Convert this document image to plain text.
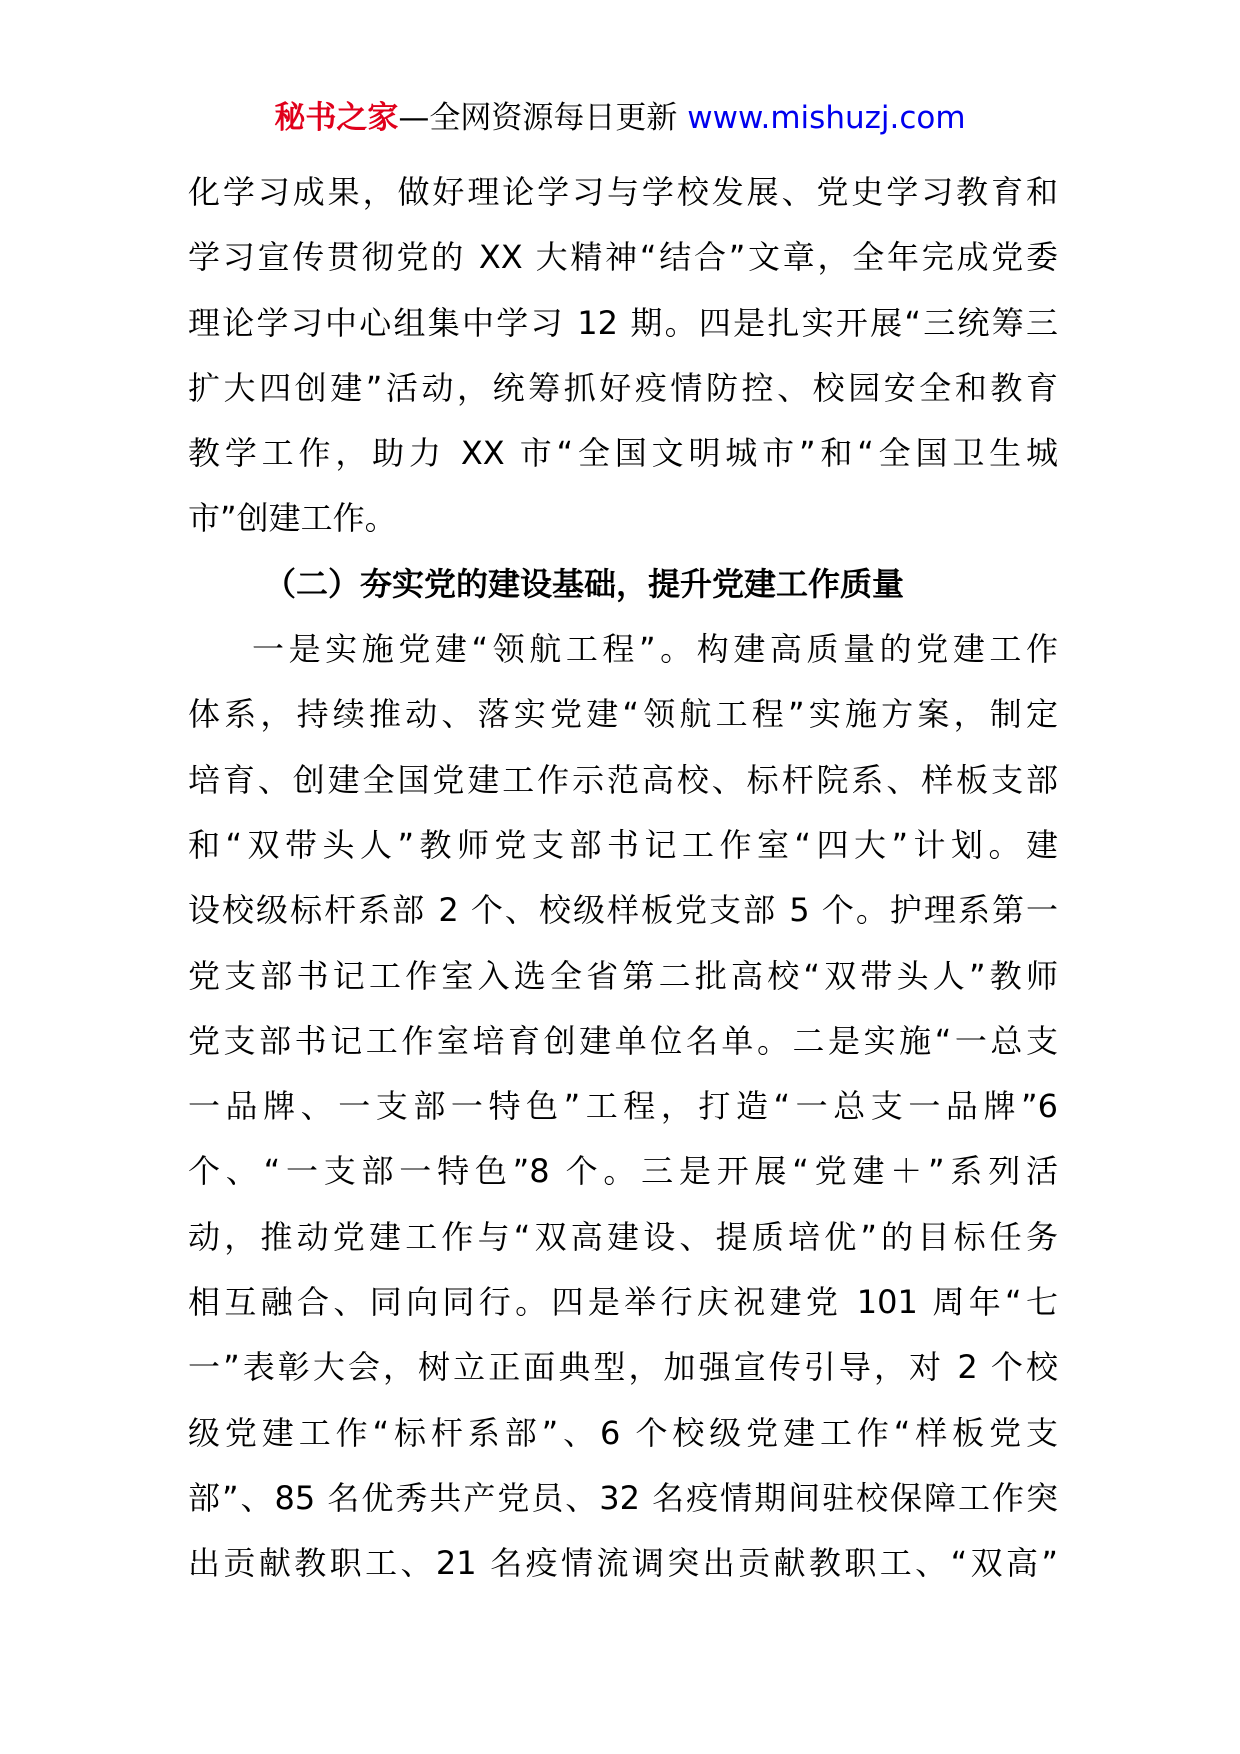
秘书之家—全网资源每日更新 www.mishuzj.com
化学习成果，做好理论学习与学校发展、党史学习教育和
学习宣传贯彻党的 XX 大精神“结合”文章，全年完成党委
理论学习中心组集中学习 12 期。四是扎实开展“三统筹三
扩大四创建”活动，统筹抓好疫情防控、校园安全和教育
教学工作，助力 XX 市“全国文明城市”和“全国卫生城
市”创建工作。
（二）夯实党的建设基础，提升党建工作质量
一是实施党建“领航工程”。构建高质量的党建工作
体系，持续推动、落实党建“领航工程”实施方案，制定
培育、创建全国党建工作示范高校、标杆院系、样板支部
和“双带头人”教师党支部书记工作室“四大”计划。建
设校级标杆系部 2 个、校级样板党支部 5 个。护理系第一
党支部书记工作室入选全省第二批高校“双带头人”教师
党支部书记工作室培育创建单位名单。二是实施“一总支
一品牌、一支部一特色”工程，打造“一总支一品牌”6
个、“一支部一特色”8 个。三是开展“党建＋”系列活
动，推动党建工作与“双高建设、提质培优”的目标任务
相互融合、同向同行。四是举行庆祝建党 101 周年“七
一”表彰大会，树立正面典型，加强宣传引导，对 2 个校
级党建工作“标杆系部”、6 个校级党建工作“样板党支
部”、85 名优秀共产党员、32 名疫情期间驻校保障工作突
出贡献教职工、21 名疫情流调突出贡献教职工、“双高”
